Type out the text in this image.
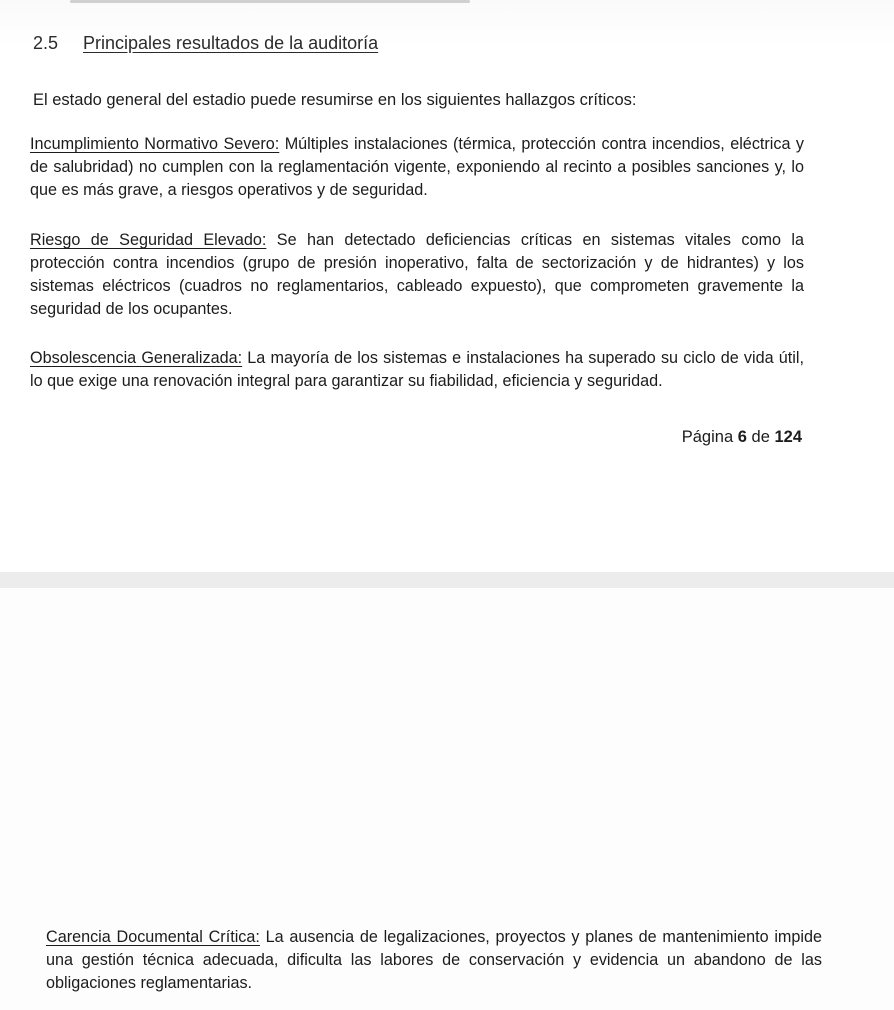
2.5 Principales resultados de la auditoría
El estado general del estadio puede resumirse en los siguientes hallazgos críticos:
Incumplimiento Normativo Severo: Múltiples instalaciones (térmica, protección contra incendios, eléctrica y de salubridad) no cumplen con la reglamentación vigente, exponiendo al recinto a posibles sanciones y, lo que es más grave, a riesgos operativos y de seguridad.
Riesgo de Seguridad Elevado: Se han detectado deficiencias críticas en sistemas vitales como la protección contra incendios (grupo de presión inoperativo, falta de sectorización y de hidrantes) y los sistemas eléctricos (cuadros no reglamentarios, cableado expuesto), que comprometen gravemente la seguridad de los ocupantes.
Obsolescencia Generalizada: La mayoría de los sistemas e instalaciones ha superado su ciclo de vida útil, lo que exige una renovación integral para garantizar su fiabilidad, eficiencia y seguridad.
Página 6 de 124
Carencia Documental Crítica: La ausencia de legalizaciones, proyectos y planes de mantenimiento impide una gestión técnica adecuada, dificulta las labores de conservación y evidencia un abandono de las obligaciones reglamentarias.
